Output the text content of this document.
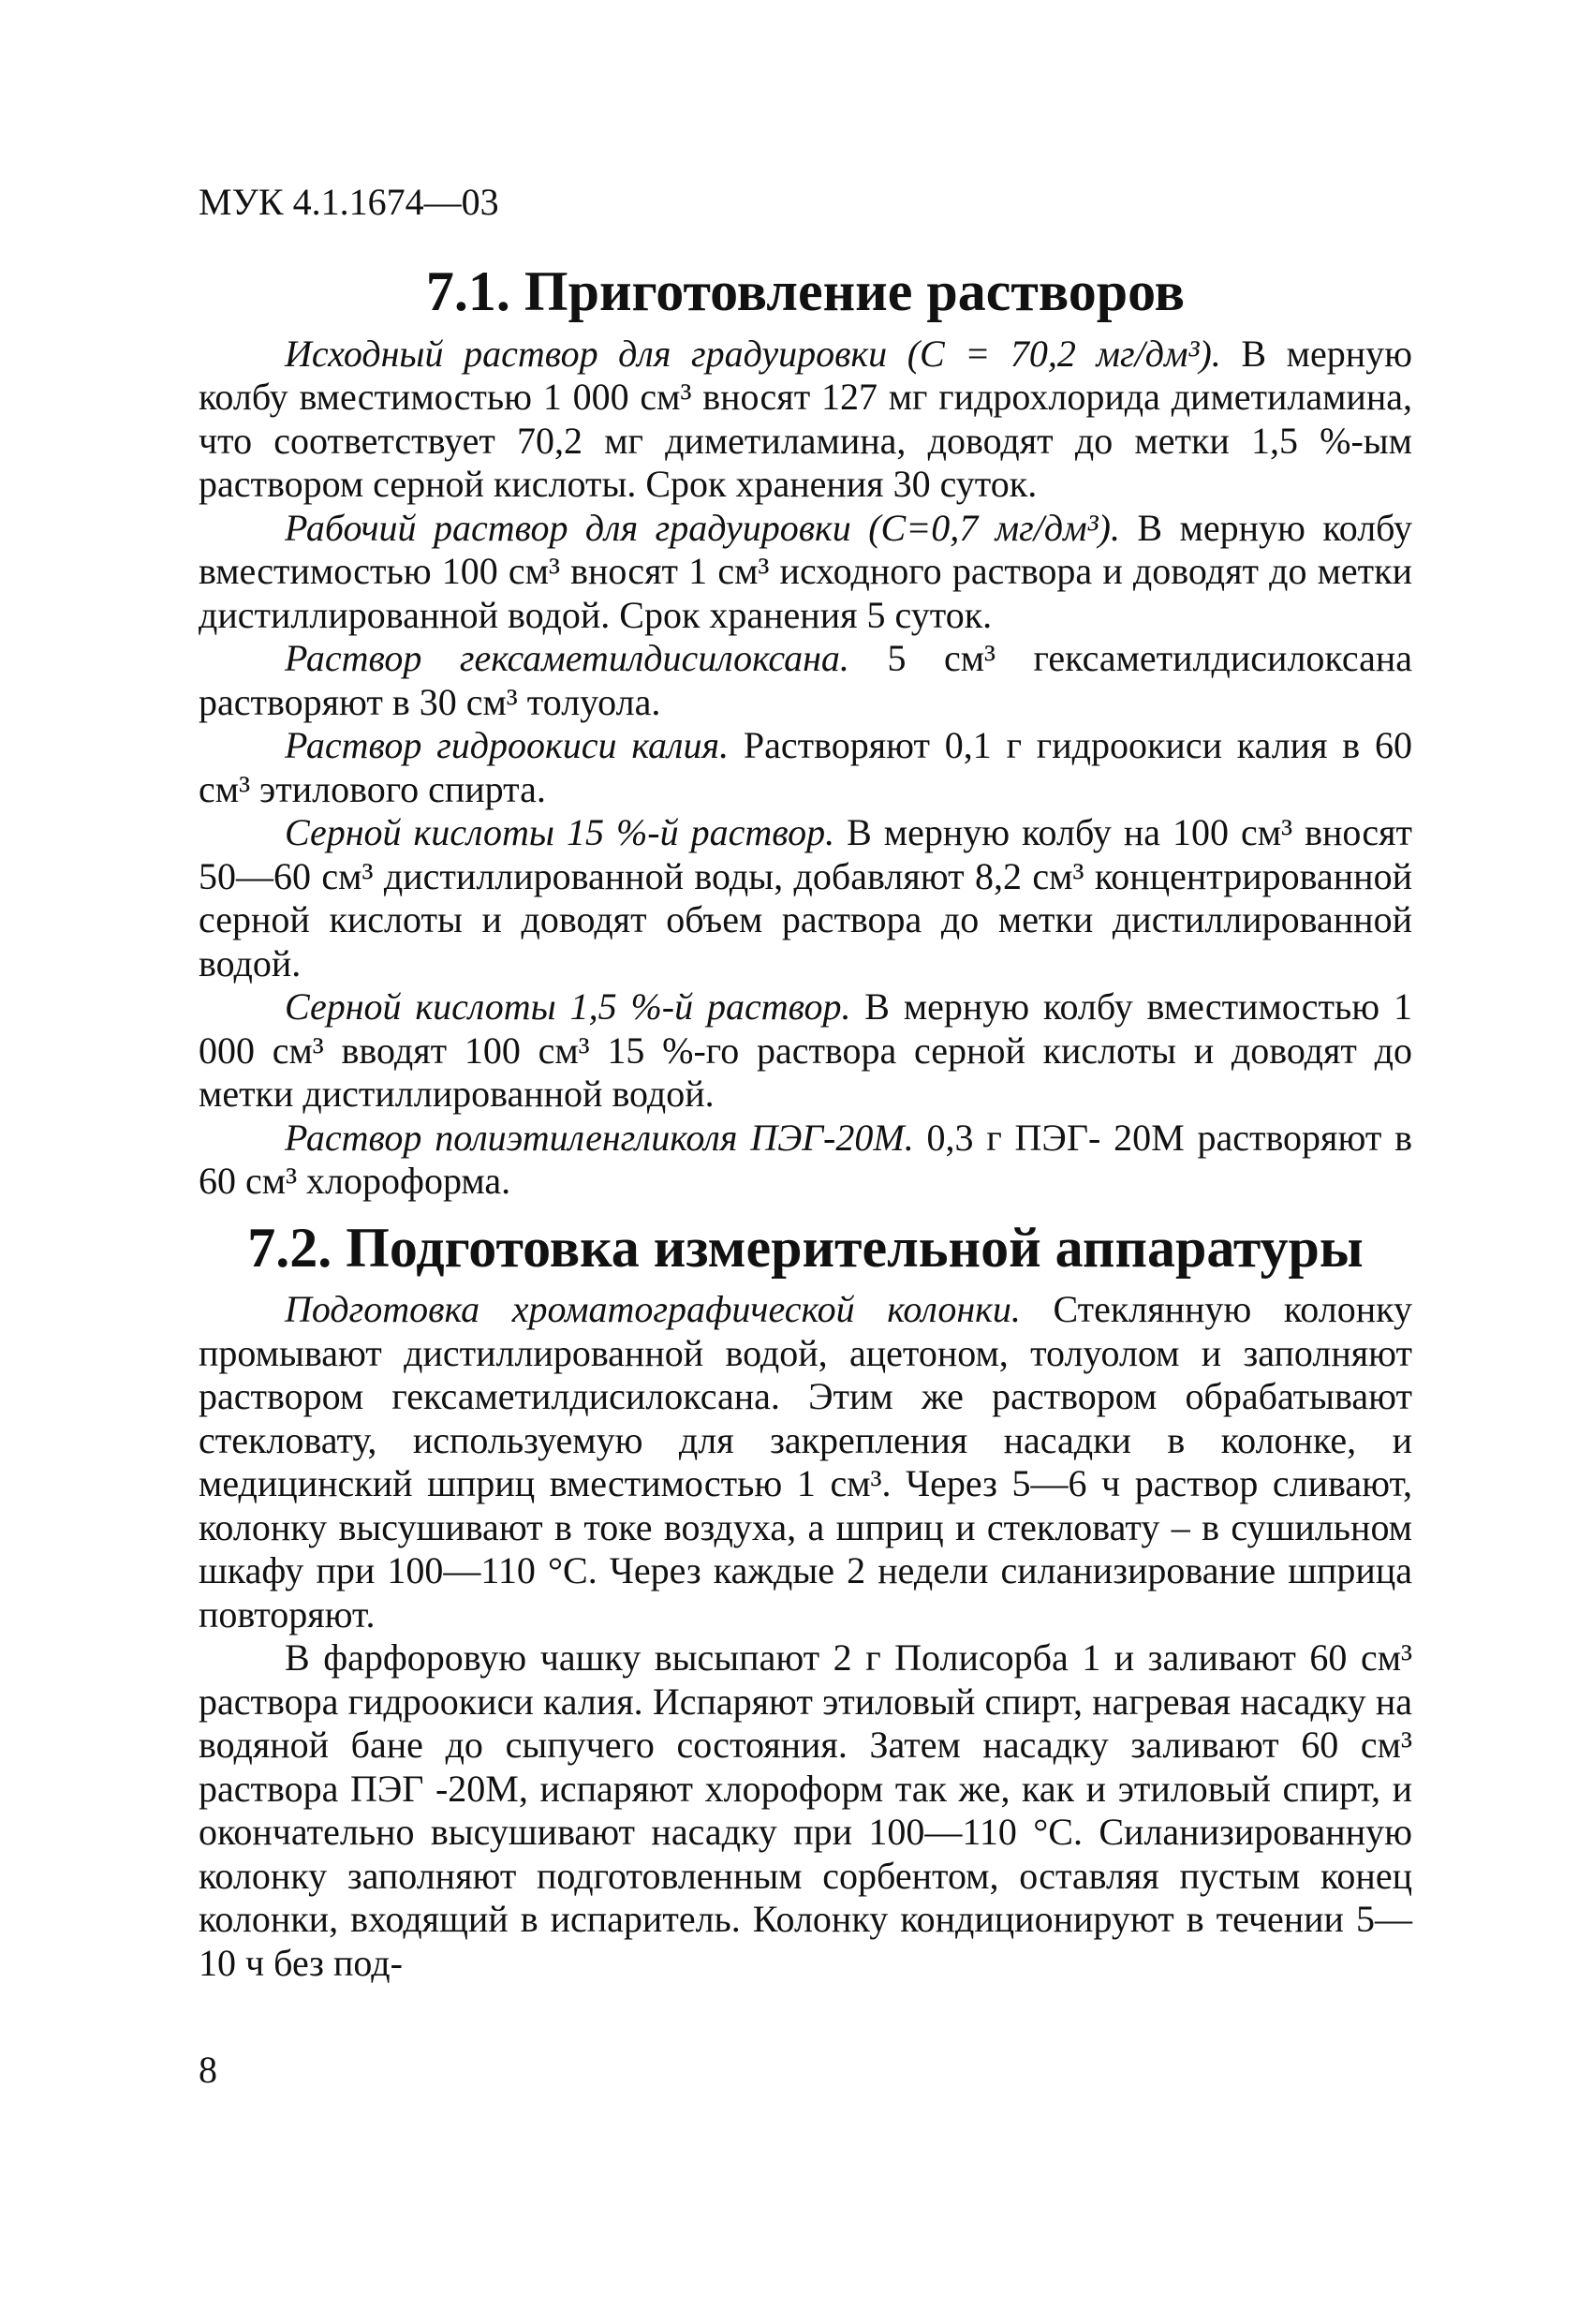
МУК 4.1.1674—03
7.1. Приготовление растворов

Исходный раствор для градуировки (С = 70,2 мг/дм³). В мерную колбу вместимостью 1 000 см³ вносят 127 мг гидрохлорида диметиламина, что соответствует 70,2 мг диметиламина, доводят до метки 1,5 %-ым раствором серной кислоты. Срок хранения 30 суток.

Рабочий раствор для градуировки (С=0,7 мг/дм³). В мерную колбу вместимостью 100 см³ вносят 1 см³ исходного раствора и доводят до метки дистиллированной водой. Срок хранения 5 суток.

Раствор гексаметилдисилоксана. 5 см³ гексаметилдисилоксана растворяют в 30 см³ толуола.

Раствор гидроокиси калия. Растворяют 0,1 г гидроокиси калия в 60 см³ этилового спирта.

Серной кислоты 15 %-й раствор. В мерную колбу на 100 см³ вносят 50—60 см³ дистиллированной воды, добавляют 8,2 см³ концентрированной серной кислоты и доводят объем раствора до метки дистиллированной водой.

Серной кислоты 1,5 %-й раствор. В мерную колбу вместимостью 1 000 см³ вводят 100 см³ 15 %-го раствора серной кислоты и доводят до метки дистиллированной водой.

Раствор полиэтиленгликоля ПЭГ-20М. 0,3 г ПЭГ- 20М растворяют в 60 см³ хлороформа.

7.2. Подготовка измерительной аппаратуры

Подготовка хроматографической колонки. Стеклянную колонку промывают дистиллированной водой, ацетоном, толуолом и заполняют раствором гексаметилдисилоксана. Этим же раствором обрабатывают стекловату, используемую для закрепления насадки в колонке, и медицинский шприц вместимостью 1 см³. Через 5—6 ч раствор сливают, колонку высушивают в токе воздуха, а шприц и стекловату – в сушильном шкафу при 100—110 °С. Через каждые 2 недели силанизирование шприца повторяют.

В фарфоровую чашку высыпают 2 г Полисорба 1 и заливают 60 см³ раствора гидроокиси калия. Испаряют этиловый спирт, нагревая насадку на водяной бане до сыпучего состояния. Затем насадку заливают 60 см³ раствора ПЭГ -20М, испаряют хлороформ так же, как и этиловый спирт, и окончательно высушивают насадку при 100—110 °С. Силанизированную колонку заполняют подготовленным сорбентом, оставляя пустым конец колонки, входящий в испаритель. Колонку кондиционируют в течении 5—10 ч без под-

8
